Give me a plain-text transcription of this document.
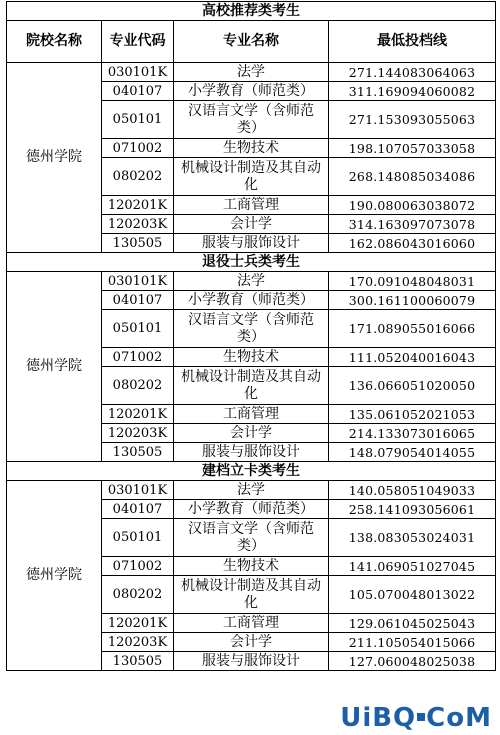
高校推荐类考生			
院校名称	专业代码	专业名称	最低投档线
德州学院	030101K	法学	271.144083064063
	040107	小学教育（师范类）	311.169094060082
	050101	汉语言文学（含师范类）	271.153093055063
	071002	生物技术	198.107057033058
	080202	机械设计制造及其自动化	268.148085034086
	120201K	工商管理	190.080063038072
	120203K	会计学	314.163097073078
	130505	服装与服饰设计	162.086043016060
退役士兵类考生			
德州学院	030101K	法学	170.091048048031
	040107	小学教育（师范类）	300.161100060079
	050101	汉语言文学（含师范类）	171.089055016066
	071002	生物技术	111.052040016043
	080202	机械设计制造及其自动化	136.066051020050
	120201K	工商管理	135.061052021053
	120203K	会计学	214.133073016065
	130505	服装与服饰设计	148.079054014055
建档立卡类考生			
德州学院	030101K	法学	140.058051049033
	040107	小学教育（师范类）	258.141093056061
	050101	汉语言文学（含师范类）	138.083053024031
	071002	生物技术	141.069051027045
	080202	机械设计制造及其自动化	105.070048013022
	120201K	工商管理	129.061045025043
	120203K	会计学	211.105054015066
	130505	服装与服饰设计	127.060048025038
UiBQ CoM
